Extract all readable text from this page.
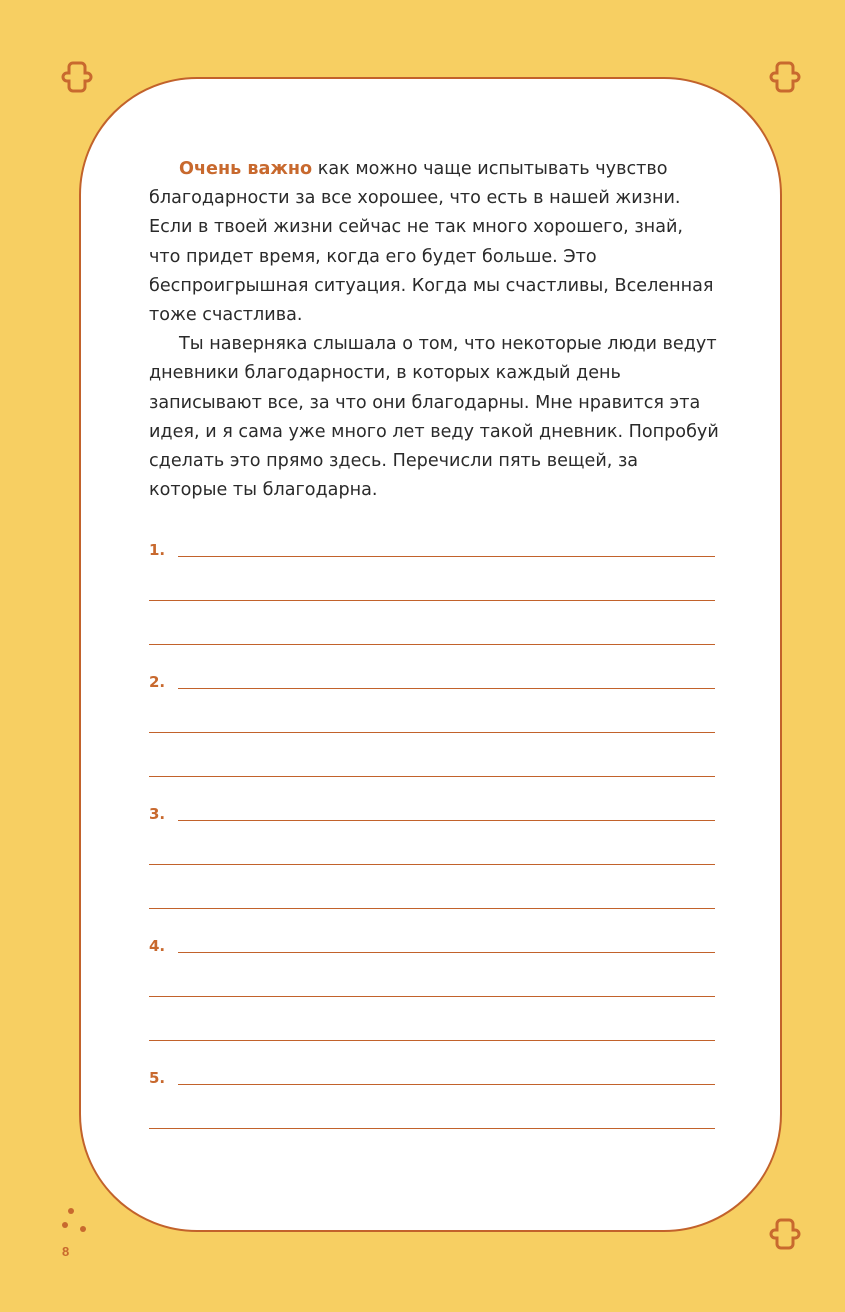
8

Очень важно как можно чаще испытывать чувство благодарности за все хорошее, что есть в нашей жизни. Если в твоей жизни сейчас не так много хорошего, знай, что придет время, когда его будет больше. Это беспроигрышная ситуация. Когда мы счастливы, Вселенная тоже счастлива.

Ты наверняка слышала о том, что некоторые люди ведут дневники благодарности, в которых каждый день записывают все, за что они благодарны. Мне нравится эта идея, и я сама уже много лет веду такой дневник. Попробуй сделать это прямо здесь. Перечисли пять вещей, за которые ты благодарна.

1.
2.
3.
4.
5.
